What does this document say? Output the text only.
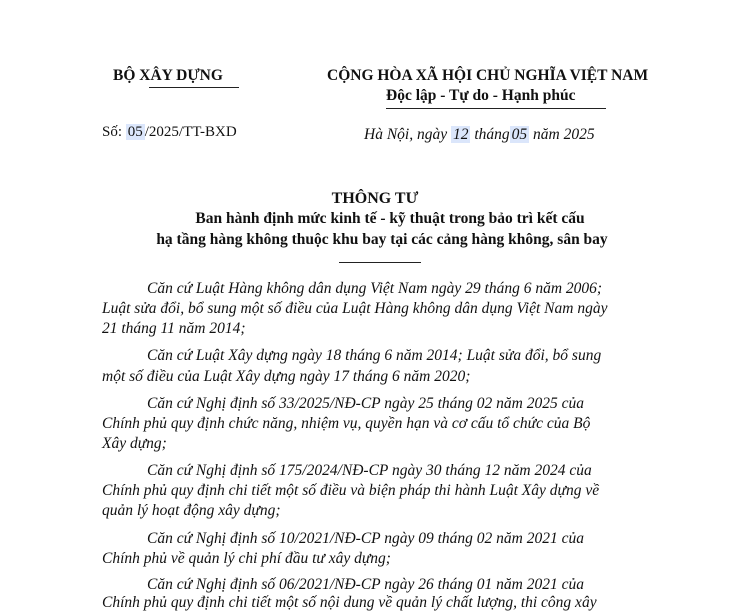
BỘ XÂY DỰNG	CỘNG HÒA XÃ HỘI CHỦ NGHĨA VIỆT NAM
Độc lập - Tự do - Hạnh phúc
Số: 05 /2025/TT-BXD	Hà Nội, ngày 12 tháng 05 năm 2025
THÔNG TƯ
Ban hành định mức kinh tế - kỹ thuật trong bảo trì kết cấu
hạ tầng hàng không thuộc khu bay tại các cảng hàng không, sân bay
Căn cứ Luật Hàng không dân dụng Việt Nam ngày 29 tháng 6 năm 2006;
Luật sửa đổi, bổ sung một số điều của Luật Hàng không dân dụng Việt Nam ngày
21 tháng 11 năm 2014;
Căn cứ Luật Xây dựng ngày 18 tháng 6 năm 2014; Luật sửa đổi, bổ sung
một số điều của Luật Xây dựng ngày 17 tháng 6 năm 2020;
Căn cứ Nghị định số 33/2025/NĐ-CP ngày 25 tháng 02 năm 2025 của
Chính phủ quy định chức năng, nhiệm vụ, quyền hạn và cơ cấu tổ chức của Bộ
Xây dựng;
Căn cứ Nghị định số 175/2024/NĐ-CP ngày 30 tháng 12 năm 2024 của
Chính phủ quy định chi tiết một số điều và biện pháp thi hành Luật Xây dựng về
quản lý hoạt động xây dựng;
Căn cứ Nghị định số 10/2021/NĐ-CP ngày 09 tháng 02 năm 2021 của
Chính phủ về quản lý chi phí đầu tư xây dựng;
Căn cứ Nghị định số 06/2021/NĐ-CP ngày 26 tháng 01 năm 2021 của
Chính phủ quy định chi tiết một số nội dung về quản lý chất lượng, thi công xây
